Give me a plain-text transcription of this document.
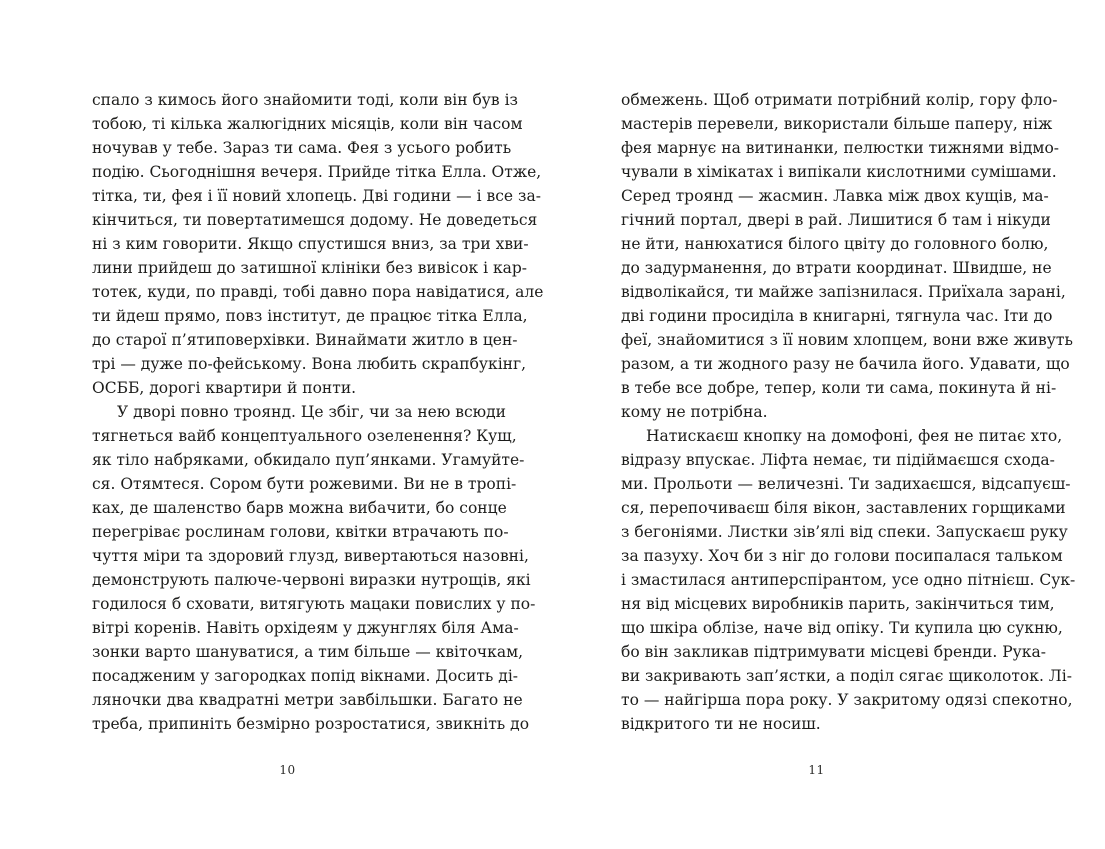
спало з кимось його знайомити тоді, коли він був із
тобою, ті кілька жалюгідних місяців, коли він часом
ночував у тебе. Зараз ти сама. Фея з усього робить
подію. Сьогоднішня вечеря. Прийде тітка Елла. Отже,
тітка, ти, фея і її новий хлопець. Дві години — і все за-
кінчиться, ти повертатимешся додому. Не доведеться
ні з ким говорити. Якщо спустишся вниз, за три хви-
лини прийдеш до затишної клініки без вивісок і кар-
тотек, куди, по правді, тобі давно пора навідатися, але
ти йдеш прямо, повз інститут, де працює тітка Елла,
до старої п’ятиповерхівки. Винаймати житло в цен-
трі — дуже по-фейському. Вона любить скрапбукінг,
ОСББ, дорогі квартири й понти.
У дворі повно троянд. Це збіг, чи за нею всюди
тягнеться вайб концептуального озеленення? Кущ,
як тіло набряками, обкидало пуп’янками. Угамуйте-
ся. Отямтеся. Сором бути рожевими. Ви не в тропі-
ках, де шаленство барв можна вибачити, бо сонце
перегріває рослинам голови, квітки втрачають по-
чуття міри та здоровий глузд, вивертаються назовні,
демонструють палюче-червоні виразки нутрощів, які
годилося б сховати, витягують мацаки повислих у по-
вітрі коренів. Навіть орхідеям у джунглях біля Ама-
зонки варто шануватися, а тим більше — квіточкам,
посадженим у загородках попід вікнами. Досить ді-
ляночки два квадратні метри завбільшки. Багато не
треба, припиніть безмірно розростатися, звикніть до
обмежень. Щоб отримати потрібний колір, гору фло-
мастерів перевели, використали більше паперу, ніж
фея марнує на витинанки, пелюстки тижнями відмо-
чували в хімікатах і випікали кислотними сумішами.
Серед троянд — жасмин. Лавка між двох кущів, ма-
гічний портал, двері в рай. Лишитися б там і нікуди
не йти, нанюхатися білого цвіту до головного болю,
до задурманення, до втрати координат. Швидше, не
відволікайся, ти майже запізнилася. Приїхала зарані,
дві години просиділа в книгарні, тягнула час. Іти до
феї, знайомитися з її новим хлопцем, вони вже живуть
разом, а ти жодного разу не бачила його. Удавати, що
в тебе все добре, тепер, коли ти сама, покинута й ні-
кому не потрібна.
Натискаєш кнопку на домофоні, фея не питає хто,
відразу впускає. Ліфта немає, ти підіймаєшся схода-
ми. Прольоти — величезні. Ти задихаєшся, відсапуєш-
ся, перепочиваєш біля вікон, заставлених горщиками
з бегоніями. Листки зів’ялі від спеки. Запускаєш руку
за пазуху. Хоч би з ніг до голови посипалася тальком
і змастилася антиперспірантом, усе одно пітнієш. Сук-
ня від місцевих виробників парить, закінчиться тим,
що шкіра облізе, наче від опіку. Ти купила цю сукню,
бо він закликав підтримувати місцеві бренди. Рука-
ви закривають зап’ястки, а поділ сягає щиколоток. Лі-
то — найгірша пора року. У закритому одязі спекотно,
відкритого ти не носиш.
10	11
